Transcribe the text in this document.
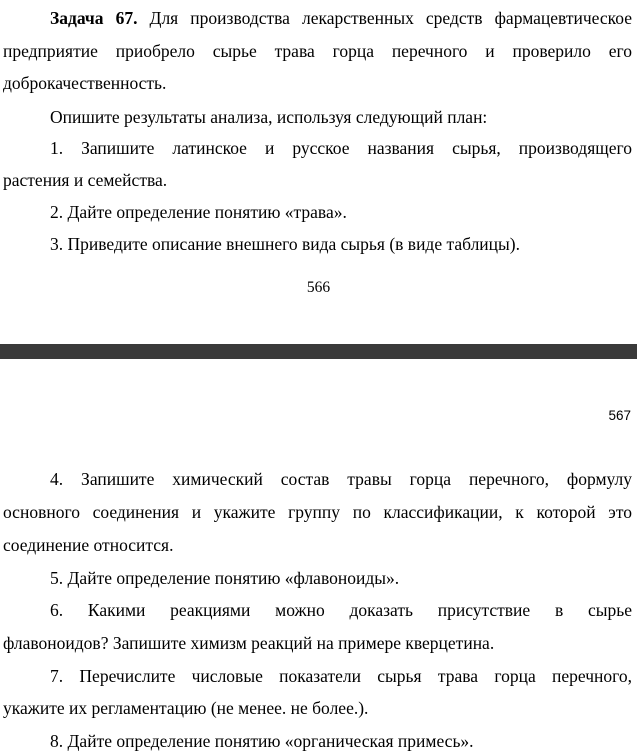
Задача 67. Для производства лекарственных средств фармацевтическое
предприятие приобрело сырье трава горца перечного и проверило его
доброкачественность.
Опишите результаты анализа, используя следующий план:
1. Запишите латинское и русское названия сырья, производящего
растения и семейства.
2. Дайте определение понятию «трава».
3. Приведите описание внешнего вида сырья (в виде таблицы).
566
567
4. Запишите химический состав травы горца перечного, формулу
основного соединения и укажите группу по классификации, к которой это
соединение относится.
5. Дайте определение понятию «флавоноиды».
6. Какими реакциями можно доказать присутствие в сырье
флавоноидов? Запишите химизм реакций на примере кверцетина.
7. Перечислите числовые показатели сырья трава горца перечного,
укажите их регламентацию (не менее. не более.).
8. Дайте определение понятию «органическая примесь».
